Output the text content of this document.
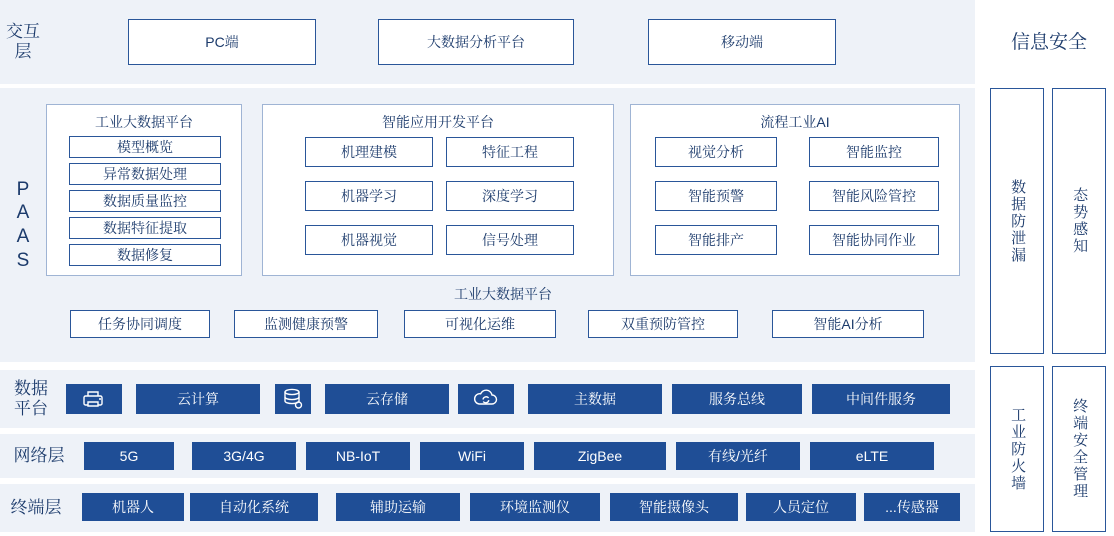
交互层	PC端	大数据分析平台	移动端
P
A
A
S
工业大数据平台
模型概览
异常数据处理
数据质量监控
数据特征提取
数据修复
智能应用开发平台
机理建模	特征工程
机器学习	深度学习
机器视觉	信号处理
流程工业AI
视觉分析	智能监控
智能预警	智能风险管控
智能排产	智能协同作业
工业大数据平台
任务协同调度	监测健康预警	可视化运维	双重预防管控	智能AI分析
数据
平台	云计算	云存储	主数据	服务总线	中间件服务
网络层	5G	3G/4G	NB-IoT	WiFi	ZigBee	有线/光纤	eLTE
终端层	机器人	自动化系统	辅助运输	环境监测仪	智能摄像头	人员定位	...传感器
信息安全
数据防泄漏	态势感知
工业防火墙	终端安全管理
